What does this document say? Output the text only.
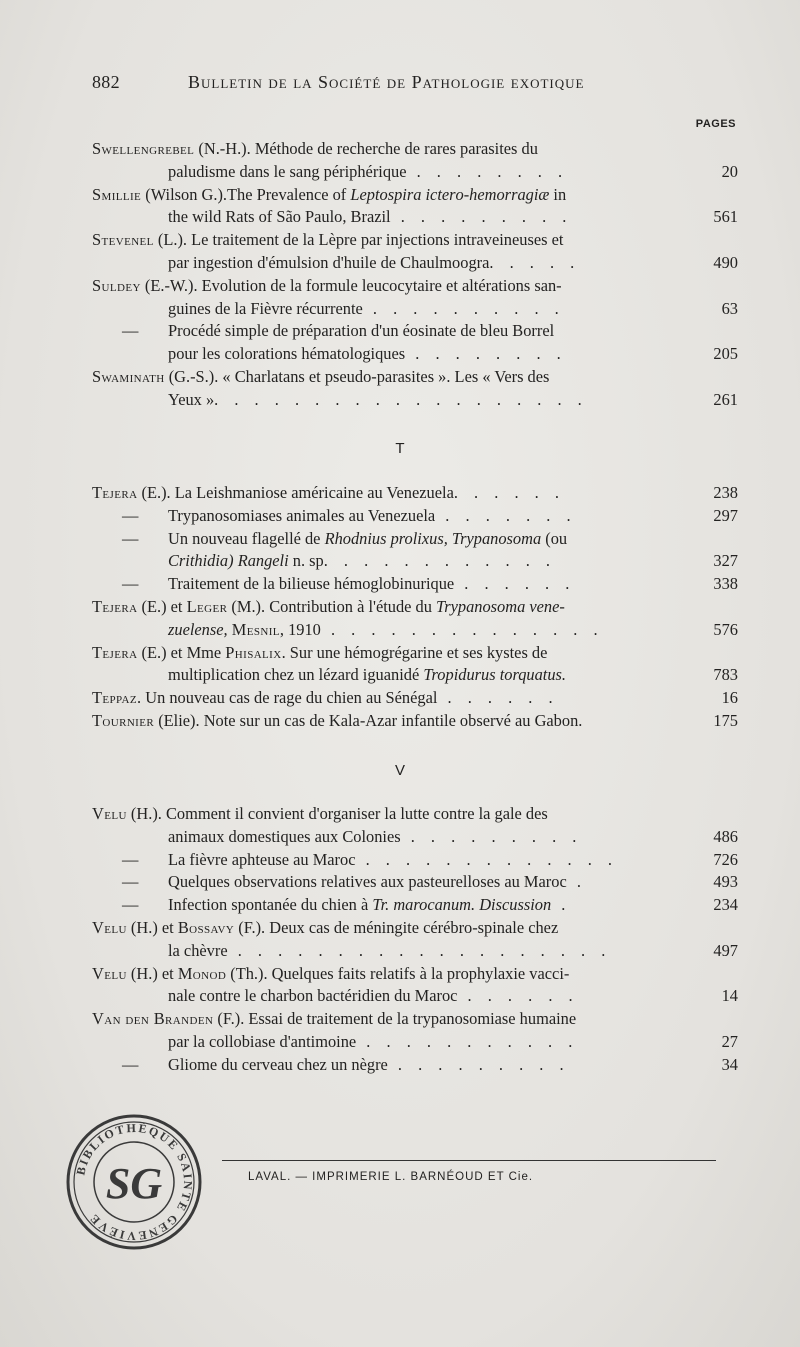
882	Bulletin de la Société de Pathologie exotique
PAGES
Swellengrebel (N.-H.). Méthode de recherche de rares parasites du
paludisme dans le sang périphérique . . . . . . . .	20
Smillie (Wilson G.).The Prevalence of Leptospira icterо-hemorragiæ in
the wild Rats of São Paulo, Brazil . . . . . . . . .	561
Stevenel (L.). Le traitement de la Lèpre par injections intraveineuses et
par ingestion d'émulsion d'huile de Chaulmoogra. . . . .	490
Suldey (E.-W.). Evolution de la formule leucocytaire et altérations san-
guines de la Fièvre récurrente . . . . . . . . . .	63
— Procédé simple de préparation d'un éosinate de bleu Borrel
pour les colorations hématologiques . . . . . . . .	205
Swaminath (G.-S.). « Charlatans et pseudo-parasites ». Les « Vers des
Yeux ». . . . . . . . . . . . . . . . . . .	261
T
Tejera (E.). La Leishmaniose américaine au Venezuela. . . . . .	238
— Trypanosomiases animales au Venezuela . . . . . . .	297
— Un nouveau flagellé de Rhodnius prolixus, Trypanosoma (ou
Crithidia) Rangeli n. sp. . . . . . . . . . . .	327
— Traitement de la bilieuse hémoglobinurique . . . . . .	338
Tejera (E.) et Leger (M.). Contribution à l'étude du Trypanosoma vene-
zuelense, Mesnil, 1910 . . . . . . . . . . . . . .	576
Tejera (E.) et Mme Phisalix. Sur une hémogrégarine et ses kystes de
multiplication chez un lézard iguanidé Tropidurus torquatus.	783
Teppaz. Un nouveau cas de rage du chien au Sénégal . . . . . .	16
Tournier (Elie). Note sur un cas de Kala-Azar infantile observé au Gabon.	175
V
Velu (H.). Comment il convient d'organiser la lutte contre la gale des
animaux domestiques aux Colonies . . . . . . . . .	486
— La fièvre aphteuse au Maroc . . . . . . . . . . . . .	726
— Quelques observations relatives aux pasteurelloses au Maroc .	493
— Infection spontanée du chien à Tr. marocanum. Discussion .	234
Velu (H.) et Bossavy (F.). Deux cas de méningite cérébro-spinale chez
la chèvre . . . . . . . . . . . . . . . . . . .	497
Velu (H.) et Monod (Th.). Quelques faits relatifs à la prophylaxie vacci-
nale contre le charbon bactéridien du Maroc . . . . . .	14
Van den Branden (F.). Essai de traitement de la trypanosomiase humaine
par la collobiase d'antimoine . . . . . . . . . . .	27
— Gliome du cerveau chez un nègre . . . . . . . . .	34
BIBLIOTHÈQUE SAINTE GENEVIÈVE
SG	LAVAL. — IMPRIMERIE L. BARNÉOUD ET Cie.
